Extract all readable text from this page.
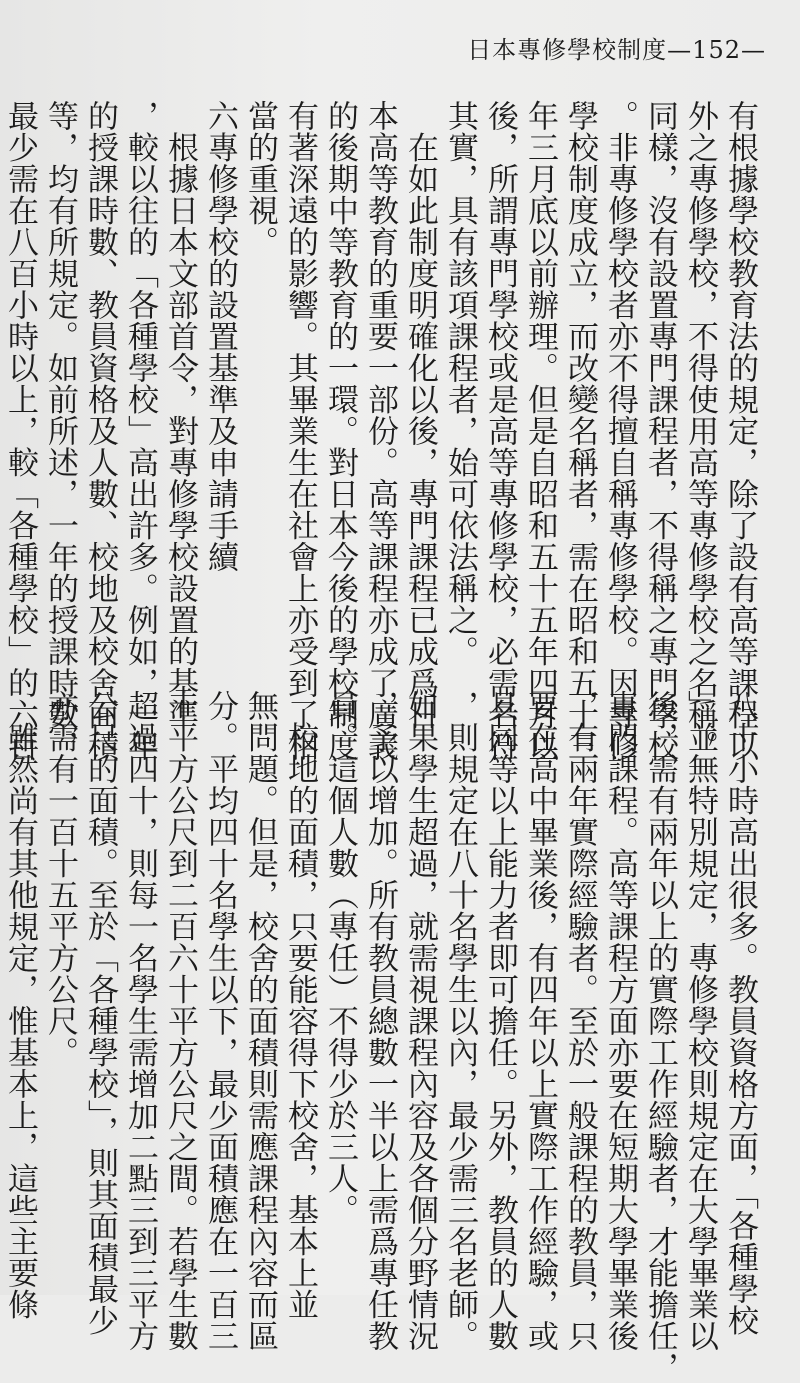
日本專修學校制度—152—

有根據學校教育法的規定，除了設有高等課程以

外之專修學校，不得使用高等專修學校之名稱。

同樣，沒有設置專門課程者，不得稱之專門學校

。非專修學校者亦不得擅自稱專修學校。因專修

學校制度成立，而改變名稱者，需在昭和五十三

年三月底以前辦理。但是自昭和五十五年四月以

後，所謂專門學校或是高等專修學校，必需名符

其實，具有該項課程者，始可依法稱之。

　在如此制度明確化以後，專門課程已成爲日

本高等教育的重要一部份。高等課程亦成了廣義

的後期中等教育的一環。對日本今後的學校制度

有著深遠的影響。其畢業生在社會上亦受到了相

當的重視。

六專修學校的設置基準及申請手續

　根據日本文部首令，對專修學校設置的基準

，較以往的「各種學校」高出許多。例如，一年

的授課時數、教員資格及人數、校地及校舍面積

等，均有所規定。如前所述，一年的授課時數，

最少需在八百小時以上，較「各種學校」的六百

八十小時高出很多。教員資格方面，「各種學校

」並無特別規定，專修學校則規定在大學畢業以

後，需有兩年以上的實際工作經驗者，才能擔任，

專門課程。高等課程方面亦要在短期大學畢業後

，有兩年實際經驗者。至於一般課程的教員，只

要在高中畢業後，有四年以上實際工作經驗，或

具同等以上能力者即可擔任。另外，教員的人數

，則規定在八十名學生以內，最少需三名老師。

如果學生超過，就需視課程內容及各個分野情況

，予以增加。所有教員總數一半以上需爲專任教

員。這個人數（專任）不得少於三人。

　校地的面積，只要能容得下校舍，基本上並

無問題。但是，校舍的面積則需應課程內容而區

分。平均四十名學生以下，最少面積應在一百三

十平方公尺到二百六十平方公尺之間。若學生數

超過四十，則每一名學生需增加二點三到三平方

公尺的面積。至於「各種學校」，則其面積最少

亦需有一百十五平方公尺。

　雖然尚有其他規定，惟基本上，這些主要條
